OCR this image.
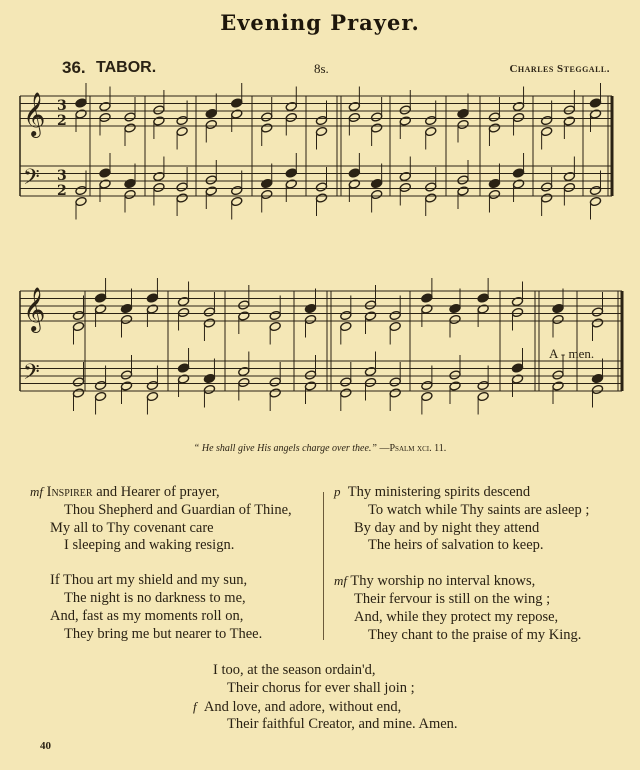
Evening Prayer.
36. TABOR.	8s.	Charles Steggall.
𝄞 3
2
𝄢 3
2
𝄞
𝄢
A - men.
“ He shall give His angels charge over thee.” —Psalm xci. 11.
mf Inspirer and Hearer of prayer,
Thou Shepherd and Guardian of Thine,
My all to Thy covenant care
I sleeping and waking resign.
If Thou art my shield and my sun,
The night is no darkness to me,
And, fast as my moments roll on,
They bring me but nearer to Thee.
p Thy ministering spirits descend
To watch while Thy saints are asleep ;
By day and by night they attend
The heirs of salvation to keep.
mf Thy worship no interval knows,
Their fervour is still on the wing ;
And, while they protect my repose,
They chant to the praise of my King.
I too, at the season ordain'd,
Their chorus for ever shall join ;
f And love, and adore, without end,
Their faithful Creator, and mine. Amen.
40
